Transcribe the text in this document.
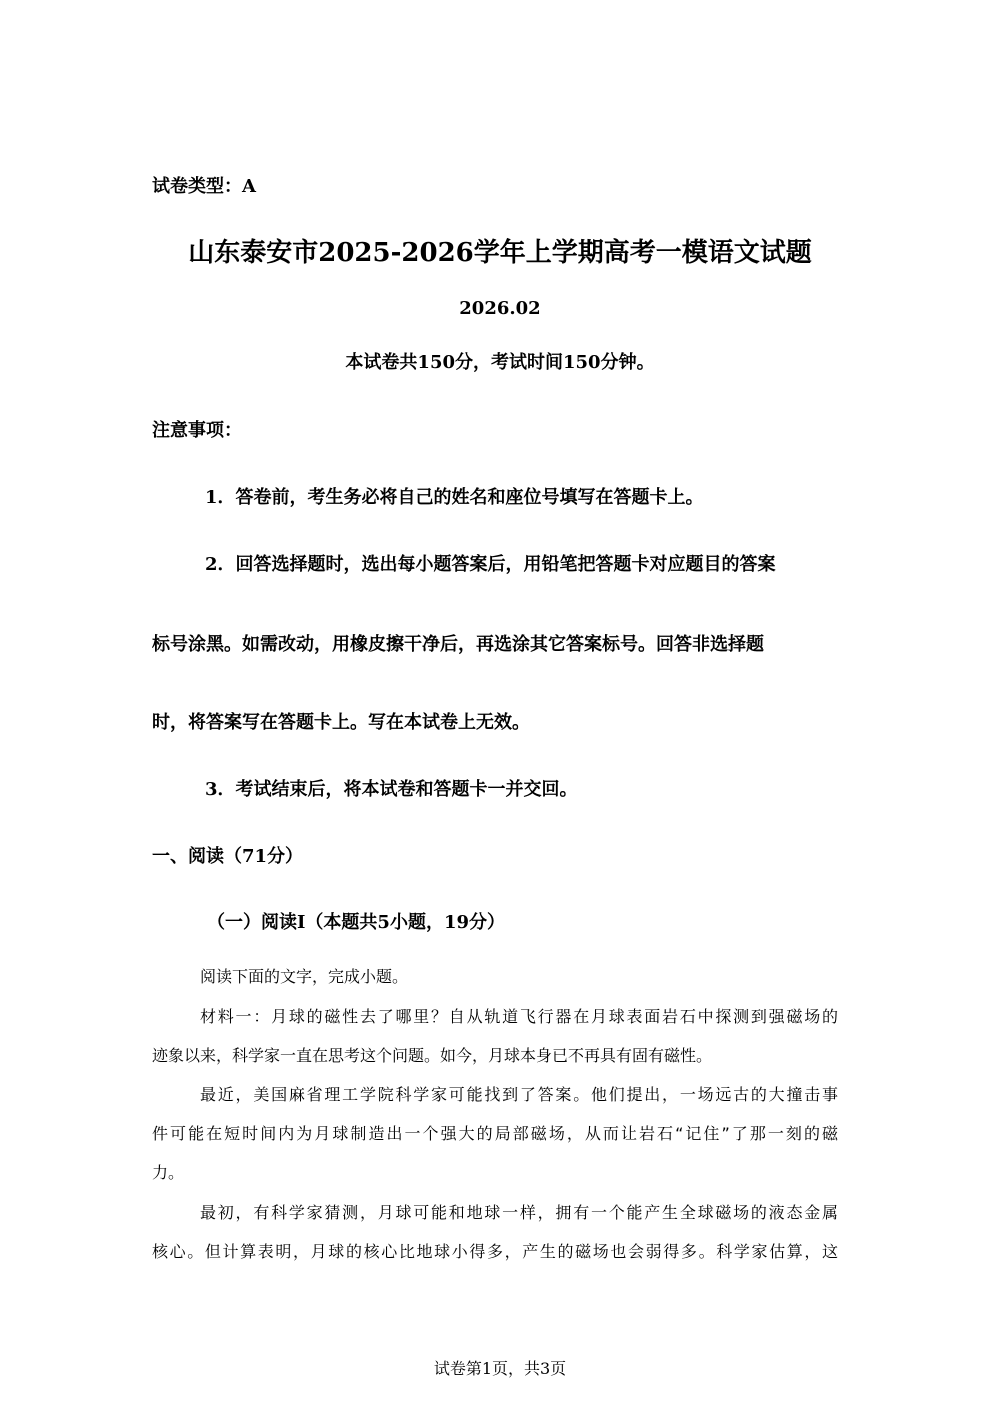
试卷类型：A

山东泰安市2025-2026学年上学期高考一模语文试题

2026.02

本试卷共150分，考试时间150分钟。

注意事项：

1．答卷前，考生务必将自己的姓名和座位号填写在答题卡上。

2．回答选择题时，选出每小题答案后，用铅笔把答题卡对应题目的答案

标号涂黑。如需改动，用橡皮擦干净后，再选涂其它答案标号。回答非选择题

时，将答案写在答题卡上。写在本试卷上无效。

3．考试结束后，将本试卷和答题卡一并交回。

一、阅读（71分）
（一）阅读Ⅰ（本题共5小题，19分）

阅读下面的文字，完成小题。

材料一：月球的磁性去了哪里？自从轨道飞行器在月球表面岩石中探测到强磁场的

迹象以来，科学家一直在思考这个问题。如今，月球本身已不再具有固有磁性。

最近，美国麻省理工学院科学家可能找到了答案。他们提出，一场远古的大撞击事

件可能在短时间内为月球制造出一个强大的局部磁场，从而让岩石“记住”了那一刻的磁

力。

最初，有科学家猜测，月球可能和地球一样，拥有一个能产生全球磁场的液态金属

核心。但计算表明，月球的核心比地球小得多，产生的磁场也会弱得多。科学家估算，这

试卷第1页，共3页
